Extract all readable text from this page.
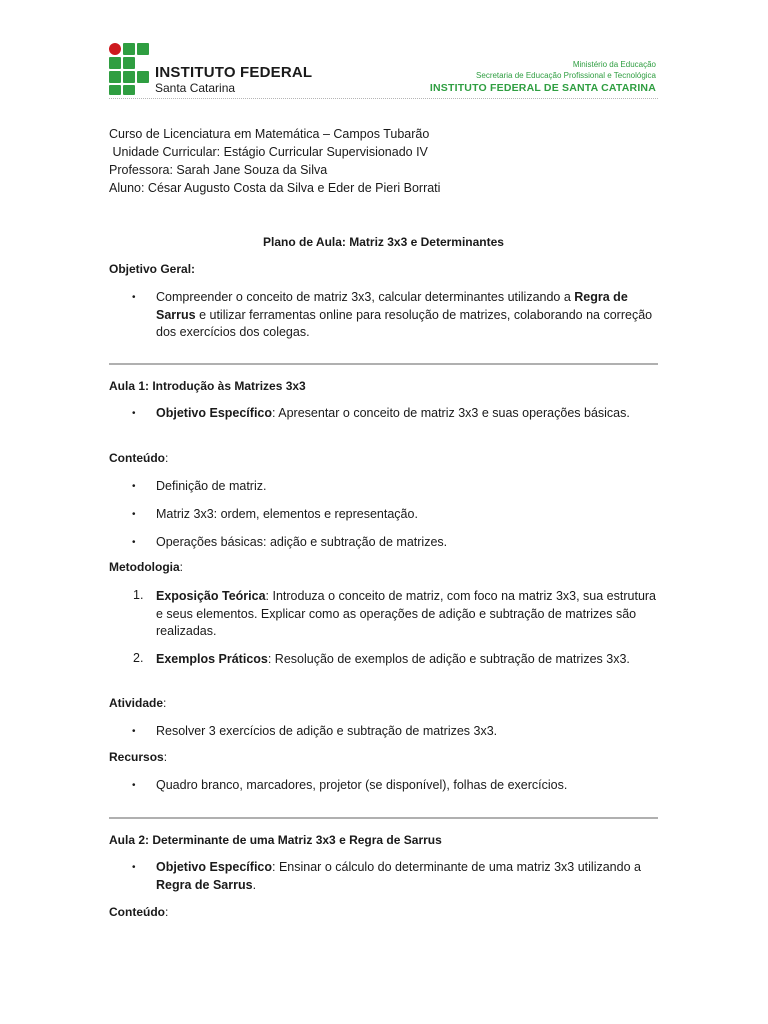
INSTITUTO FEDERAL
Santa Catarina
Ministério da Educação
Secretaria de Educação Profissional e Tecnológica
INSTITUTO FEDERAL DE SANTA CATARINA
Curso de Licenciatura em Matemática – Campos Tubarão
Unidade Curricular: Estágio Curricular Supervisionado IV
Professora: Sarah Jane Souza da Silva
Aluno: César Augusto Costa da Silva e Eder de Pieri Borrati
Plano de Aula: Matriz 3x3 e Determinantes
Objetivo Geral:
• Compreender o conceito de matriz 3x3, calcular determinantes utilizando a Regra de Sarrus e utilizar ferramentas online para resolução de matrizes, colaborando na correção dos exercícios dos colegas.
Aula 1: Introdução às Matrizes 3x3
• Objetivo Específico: Apresentar o conceito de matriz 3x3 e suas operações básicas.
Conteúdo:
• Definição de matriz.
• Matriz 3x3: ordem, elementos e representação.
• Operações básicas: adição e subtração de matrizes.
Metodologia:
1. Exposição Teórica: Introduza o conceito de matriz, com foco na matriz 3x3, sua estrutura e seus elementos. Explicar como as operações de adição e subtração de matrizes são realizadas.
2. Exemplos Práticos: Resolução de exemplos de adição e subtração de matrizes 3x3.
Atividade:
• Resolver 3 exercícios de adição e subtração de matrizes 3x3.
Recursos:
• Quadro branco, marcadores, projetor (se disponível), folhas de exercícios.
Aula 2: Determinante de uma Matriz 3x3 e Regra de Sarrus
• Objetivo Específico: Ensinar o cálculo do determinante de uma matriz 3x3 utilizando a Regra de Sarrus.
Conteúdo:
